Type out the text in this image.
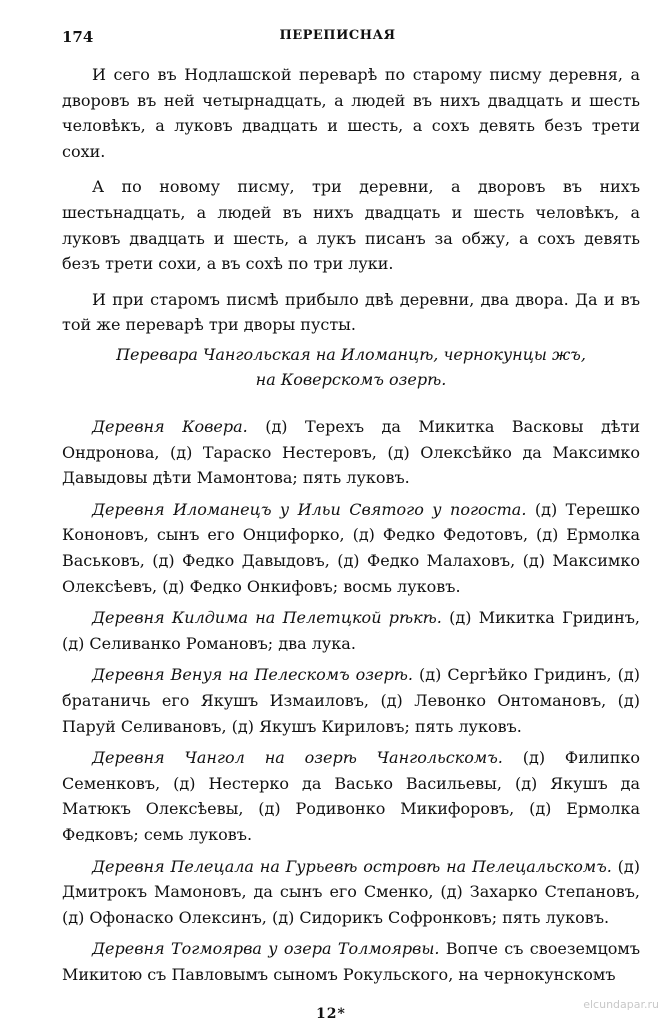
174	ПЕРЕПИСНАЯ

И сего въ Нодлашской переварѣ по старому писму деревня, а дворовъ въ ней четырнадцать, а людей въ нихъ двадцать и шесть человѣкъ, а луковъ двадцать и шесть, а сохъ девять безъ трети сохи.

А по новому писму, три деревни, а дворовъ въ нихъ шестьнадцать, а людей въ нихъ двадцать и шесть человѣкъ, а луковъ двадцать и шесть, а лукъ писанъ за обжу, а сохъ девять безъ трети сохи, а въ сохѣ по три луки.

И при старомъ писмѣ прибыло двѣ деревни, два двора. Да и въ той же переварѣ три дворы пусты.

Перевара Чангольская на Иломанцѣ, чернокунцы жъ,

на Коверскомъ озерѣ.

Деревня Ковера. (д) Терехъ да Микитка Васковы дѣти Ондронова, (д) Тараско Нестеровъ, (д) Олексѣйко да Максимко Давыдовы дѣти Мамонтова; пять луковъ.

Деревня Иломанецъ у Ильи Святого у погоста. (д) Терешко Кононовъ, сынъ его Онцифорко, (д) Федко Федотовъ, (д) Ермолка Васьковъ, (д) Федко Давыдовъ, (д) Федко Малаховъ, (д) Максимко Олексѣевъ, (д) Федко Онкифовъ; восмь луковъ.

Деревня Килдима на Пелетцкой рѣкѣ. (д) Микитка Гридинъ, (д) Селиванко Романовъ; два лука.

Деревня Венуя на Пелескомъ озерѣ. (д) Сергѣйко Гридинъ, (д) братаничь его Якушъ Измаиловъ, (д) Левонко Онтомановъ, (д) Паруй Селивановъ, (д) Якушъ Кириловъ; пять луковъ.

Деревня Чангол на озерѣ Чангольскомъ. (д) Филипко Семенковъ, (д) Нестерко да Васько Васильевы, (д) Якушъ да Матюкъ Олексѣевы, (д) Родивонко Микифоровъ, (д) Ермолка Федковъ; семь луковъ.

Деревня Пелецала на Гурьевѣ островѣ на Пелецальскомъ. (д) Дмитрокъ Мамоновъ, да сынъ его Сменко, (д) Захарко Степановъ, (д) Офонаско Олексинъ, (д) Сидорикъ Софронковъ; пять луковъ.

Деревня Тогмоярва у озера Толмоярвы. Вопче съ своеземцомъ Микитою съ Павловымъ сыномъ Рокульского, на чернокунскомъ

12*
elcundapar.ru
